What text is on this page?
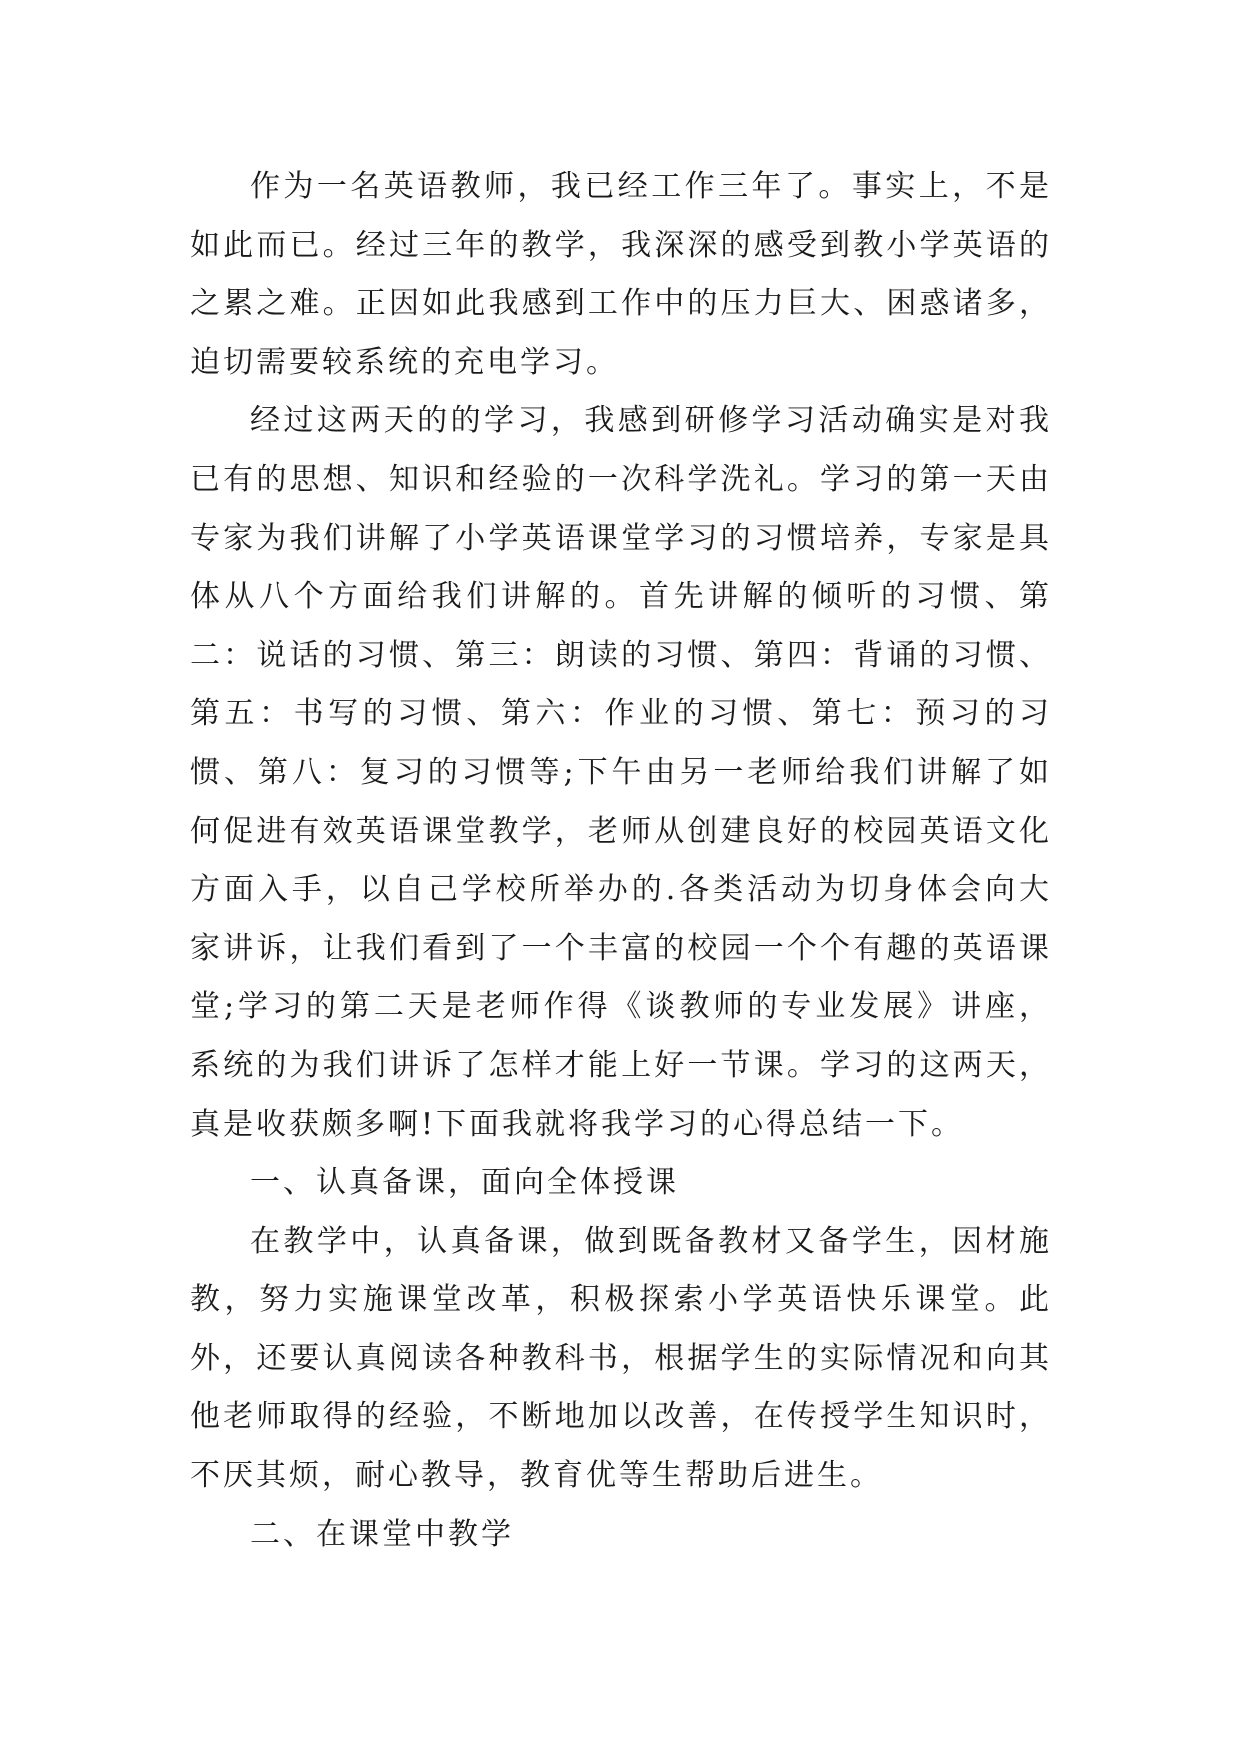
作为一名英语教师，我已经工作三年了。事实上，不是如此而已。经过三年的教学，我深深的感受到教小学英语的之累之难。正因如此我感到工作中的压力巨大、困惑诸多，迫切需要较系统的充电学习。

经过这两天的的学习，我感到研修学习活动确实是对我已有的思想、知识和经验的一次科学洗礼。学习的第一天由专家为我们讲解了小学英语课堂学习的习惯培养，专家是具体从八个方面给我们讲解的。首先讲解的倾听的习惯、第二：说话的习惯、第三：朗读的习惯、第四：背诵的习惯、第五：书写的习惯、第六：作业的习惯、第七：预习的习惯、第八：复习的习惯等;下午由另一老师给我们讲解了如何促进有效英语课堂教学，老师从创建良好的校园英语文化方面入手，以自己学校所举办的.各类活动为切身体会向大家讲诉，让我们看到了一个丰富的校园一个个有趣的英语课堂;学习的第二天是老师作得《谈教师的专业发展》讲座，系统的为我们讲诉了怎样才能上好一节课。学习的这两天，真是收获颇多啊!下面我就将我学习的心得总结一下。

一、认真备课，面向全体授课

在教学中，认真备课，做到既备教材又备学生，因材施教，努力实施课堂改革，积极探索小学英语快乐课堂。此外，还要认真阅读各种教科书，根据学生的实际情况和向其他老师取得的经验，不断地加以改善，在传授学生知识时，不厌其烦，耐心教导，教育优等生帮助后进生。

二、在课堂中教学
